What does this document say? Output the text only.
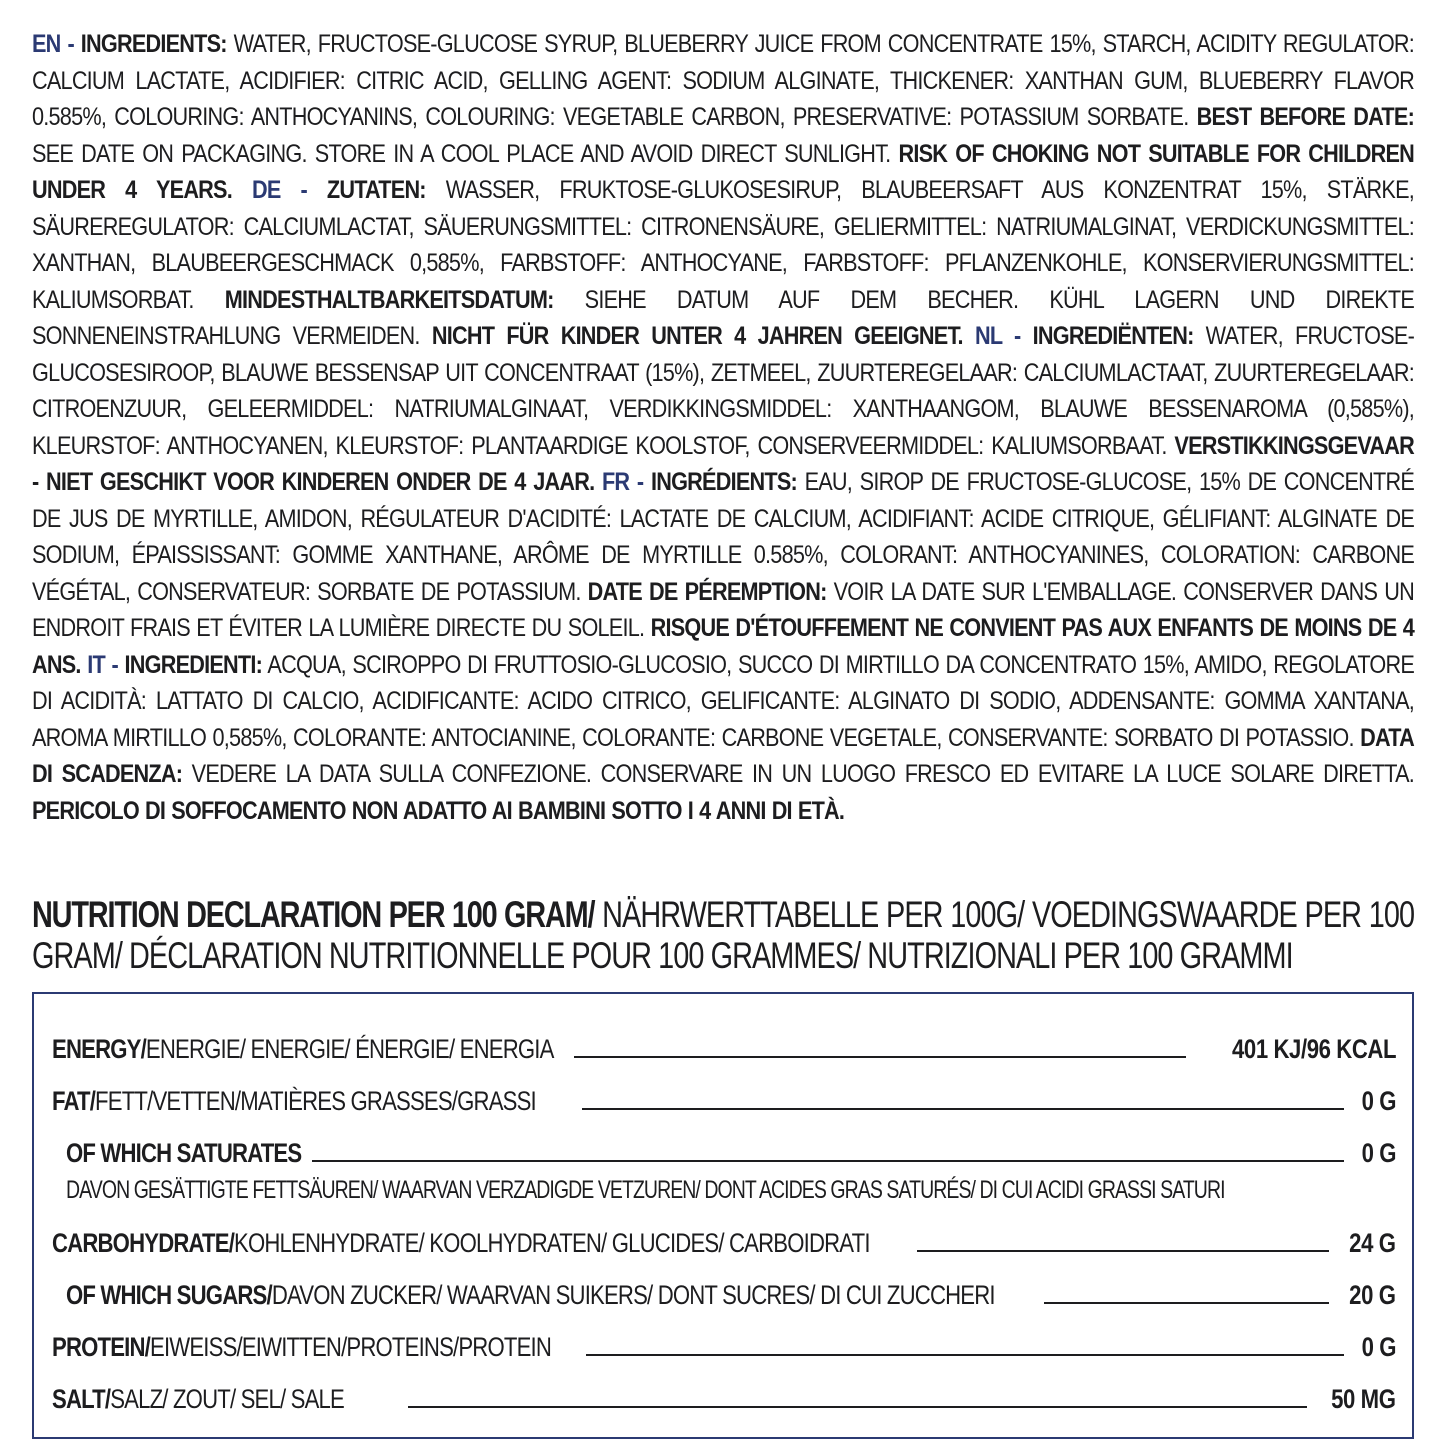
EN - INGREDIENTS: WATER, FRUCTOSE-GLUCOSE SYRUP, BLUEBERRY JUICE FROM CONCENTRATE 15%, STARCH, ACIDITY REGULATOR: CALCIUM LACTATE, ACIDIFIER: CITRIC ACID, GELLING AGENT: SODIUM ALGINATE, THICKENER: XANTHAN GUM, BLUEBERRY FLAVOR 0.585%, COLOURING: ANTHOCYANINS, COLOURING: VEGETABLE CARBON, PRESERVATIVE: POTASSIUM SORBATE. BEST BEFORE DATE: SEE DATE ON PACKAGING. STORE IN A COOL PLACE AND AVOID DIRECT SUNLIGHT. RISK OF CHOKING NOT SUITABLE FOR CHILDREN UNDER 4 YEARS. DE - ZUTATEN: WASSER, FRUKTOSE-GLUKOSESIRUP, BLAUBEERSAFT AUS KONZENTRAT 15%, STÄRKE, SÄUREREGULATOR: CALCIUMLACTAT, SÄUERUNGSMITTEL: CITRONENSÄURE, GELIERMITTEL: NATRIUMALGINAT, VERDICKUNGSMITTEL: XANTHAN, BLAUBEERGESCHMACK 0,585%, FARBSTOFF: ANTHOCYANE, FARBSTOFF: PFLANZENKOHLE, KONSERVIERUNGSMITTEL: KALIUMSORBAT. MINDESTHALTBARKEITSDATUM: SIEHE DATUM AUF DEM BECHER. KÜHL LAGERN UND DIREKTE SONNENEINSTRAHLUNG VERMEIDEN. NICHT FÜR KINDER UNTER 4 JAHREN GEEIGNET. NL - INGREDIËNTEN: WATER, FRUCTOSE-GLUCOSESIROOP, BLAUWE BESSENSAP UIT CONCENTRAAT (15%), ZETMEEL, ZUURTEREGELAAR: CALCIUMLACTAAT, ZUURTEREGELAAR: CITROENZUUR, GELEERMIDDEL: NATRIUMALGINAAT, VERDIKKINGSMIDDEL: XANTHAANGOM, BLAUWE BESSENAROMA (0,585%), KLEURSTOF: ANTHOCYANEN, KLEURSTOF: PLANTAARDIGE KOOLSTOF, CONSERVEERMIDDEL: KALIUMSORBAAT. VERSTIKKINGSGEVAAR - NIET GESCHIKT VOOR KINDEREN ONDER DE 4 JAAR. FR - INGRÉDIENTS: EAU, SIROP DE FRUCTOSE-GLUCOSE, 15% DE CONCENTRÉ DE JUS DE MYRTILLE, AMIDON, RÉGULATEUR D'ACIDITÉ: LACTATE DE CALCIUM, ACIDIFIANT: ACIDE CITRIQUE, GÉLIFIANT: ALGINATE DE SODIUM, ÉPAISSISSANT: GOMME XANTHANE, ARÔME DE MYRTILLE 0.585%, COLORANT: ANTHOCYANINES, COLORATION: CARBONE VÉGÉTAL, CONSERVATEUR: SORBATE DE POTASSIUM. DATE DE PÉREMPTION: VOIR LA DATE SUR L'EMBALLAGE. CONSERVER DANS UN ENDROIT FRAIS ET ÉVITER LA LUMIÈRE DIRECTE DU SOLEIL. RISQUE D'ÉTOUFFEMENT NE CONVIENT PAS AUX ENFANTS DE MOINS DE 4 ANS. IT - INGREDIENTI: ACQUA, SCIROPPO DI FRUTTOSIO-GLUCOSIO, SUCCO DI MIRTILLO DA CONCENTRATO 15%, AMIDO, REGOLATORE DI ACIDITÀ: LATTATO DI CALCIO, ACIDIFICANTE: ACIDO CITRICO, GELIFICANTE: ALGINATO DI SODIO, ADDENSANTE: GOMMA XANTANA, AROMA MIRTILLO 0,585%, COLORANTE: ANTOCIANINE, COLORANTE: CARBONE VEGETALE, CONSERVANTE: SORBATO DI POTASSIO. DATA DI SCADENZA: VEDERE LA DATA SULLA CONFEZIONE. CONSERVARE IN UN LUOGO FRESCO ED EVITARE LA LUCE SOLARE DIRETTA. PERICOLO DI SOFFOCAMENTO NON ADATTO AI BAMBINI SOTTO I 4 ANNI DI ETÀ.
NUTRITION DECLARATION PER 100 GRAM/ NÄHRWERTTABELLE PER 100G/ VOEDINGSWAARDE PER 100 GRAM/ DÉCLARATION NUTRITIONNELLE POUR 100 GRAMMES/ NUTRIZIONALI PER 100 GRAMMI
ENERGY/ENERGIE/ ENERGIE/ ÉNERGIE/ ENERGIA	401 KJ/96 KCAL
FAT/FETT/VETTEN/MATIÈRES GRASSES/GRASSI	0 G
OF WHICH SATURATES	0 G
DAVON GESÄTTIGTE FETTSÄUREN/ WAARVAN VERZADIGDE VETZUREN/ DONT ACIDES GRAS SATURÉS/ DI CUI ACIDI GRASSI SATURI
CARBOHYDRATE/KOHLENHYDRATE/ KOOLHYDRATEN/ GLUCIDES/ CARBOIDRATI	24 G
OF WHICH SUGARS/DAVON ZUCKER/ WAARVAN SUIKERS/ DONT SUCRES/ DI CUI ZUCCHERI	20 G
PROTEIN/EIWEISS/EIWITTEN/PROTEINS/PROTEIN	0 G
SALT/SALZ/ ZOUT/ SEL/ SALE	50 MG
